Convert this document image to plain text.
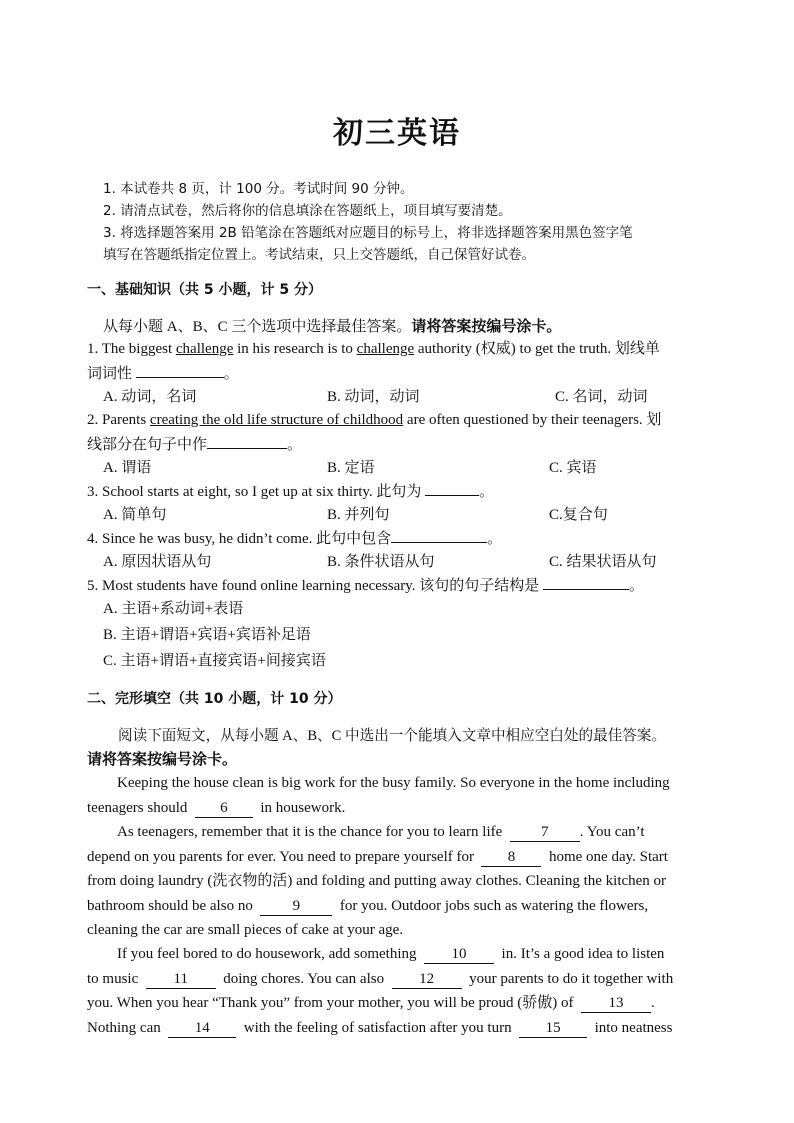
初三英语
1. 本试卷共 8 页，计 100 分。考试时间 90 分钟。
2. 请清点试卷，然后将你的信息填涂在答题纸上，项目填写要清楚。
3. 将选择题答案用 2B 铅笔涂在答题纸对应题目的标号上，将非选择题答案用黑色签字笔
填写在答题纸指定位置上。考试结束，只上交答题纸，自己保管好试卷。
一、基础知识（共 5 小题，计 5 分）
从每小题 A、B、C 三个选项中选择最佳答案。请将答案按编号涂卡。
1. The biggest challenge in his research is to challenge authority (权威) to get the truth. 划线单
词词性	。
A. 动词，名词	B. 动词，动词	C. 名词，动词
2. Parents creating the old life structure of childhood are often questioned by their teenagers. 划
线部分在句子中作	。
A. 谓语	B. 定语	C. 宾语
3. School starts at eight, so I get up at six thirty. 此句为	。
A. 简单句	B. 并列句	C.复合句
4. Since he was busy, he didn’t come. 此句中包含	。
A. 原因状语从句	B. 条件状语从句	C. 结果状语从句
5. Most students have found online learning necessary. 该句的句子结构是	。
A. 主语+系动词+表语
B. 主语+谓语+宾语+宾语补足语
C. 主语+谓语+直接宾语+间接宾语
二、完形填空（共 10 小题，计 10 分）
阅读下面短文，从每小题 A、B、C 中选出一个能填入文章中相应空白处的最佳答案。
请将答案按编号涂卡。
Keeping the house clean is big work for the busy family. So everyone in the home including
teenagers should 6 in housework.
As teenagers, remember that it is the chance for you to learn life	7 . You can’t
depend on you parents for ever. You need to prepare yourself for 8 home one day. Start
from doing laundry (洗衣物的活) and folding and putting away clothes. Cleaning the kitchen or
bathroom should be also no	9	for you. Outdoor jobs such as watering the flowers,
cleaning the car are small pieces of cake at your age.
If you feel bored to do housework, add something 10 in. It’s a good idea to listen
to music 11 doing chores. You can also 12 your parents to do it together with
you. When you hear “Thank you” from your mother, you will be proud (骄傲) of 13 .
Nothing can 14 with the feeling of satisfaction after you turn 15 into neatness
